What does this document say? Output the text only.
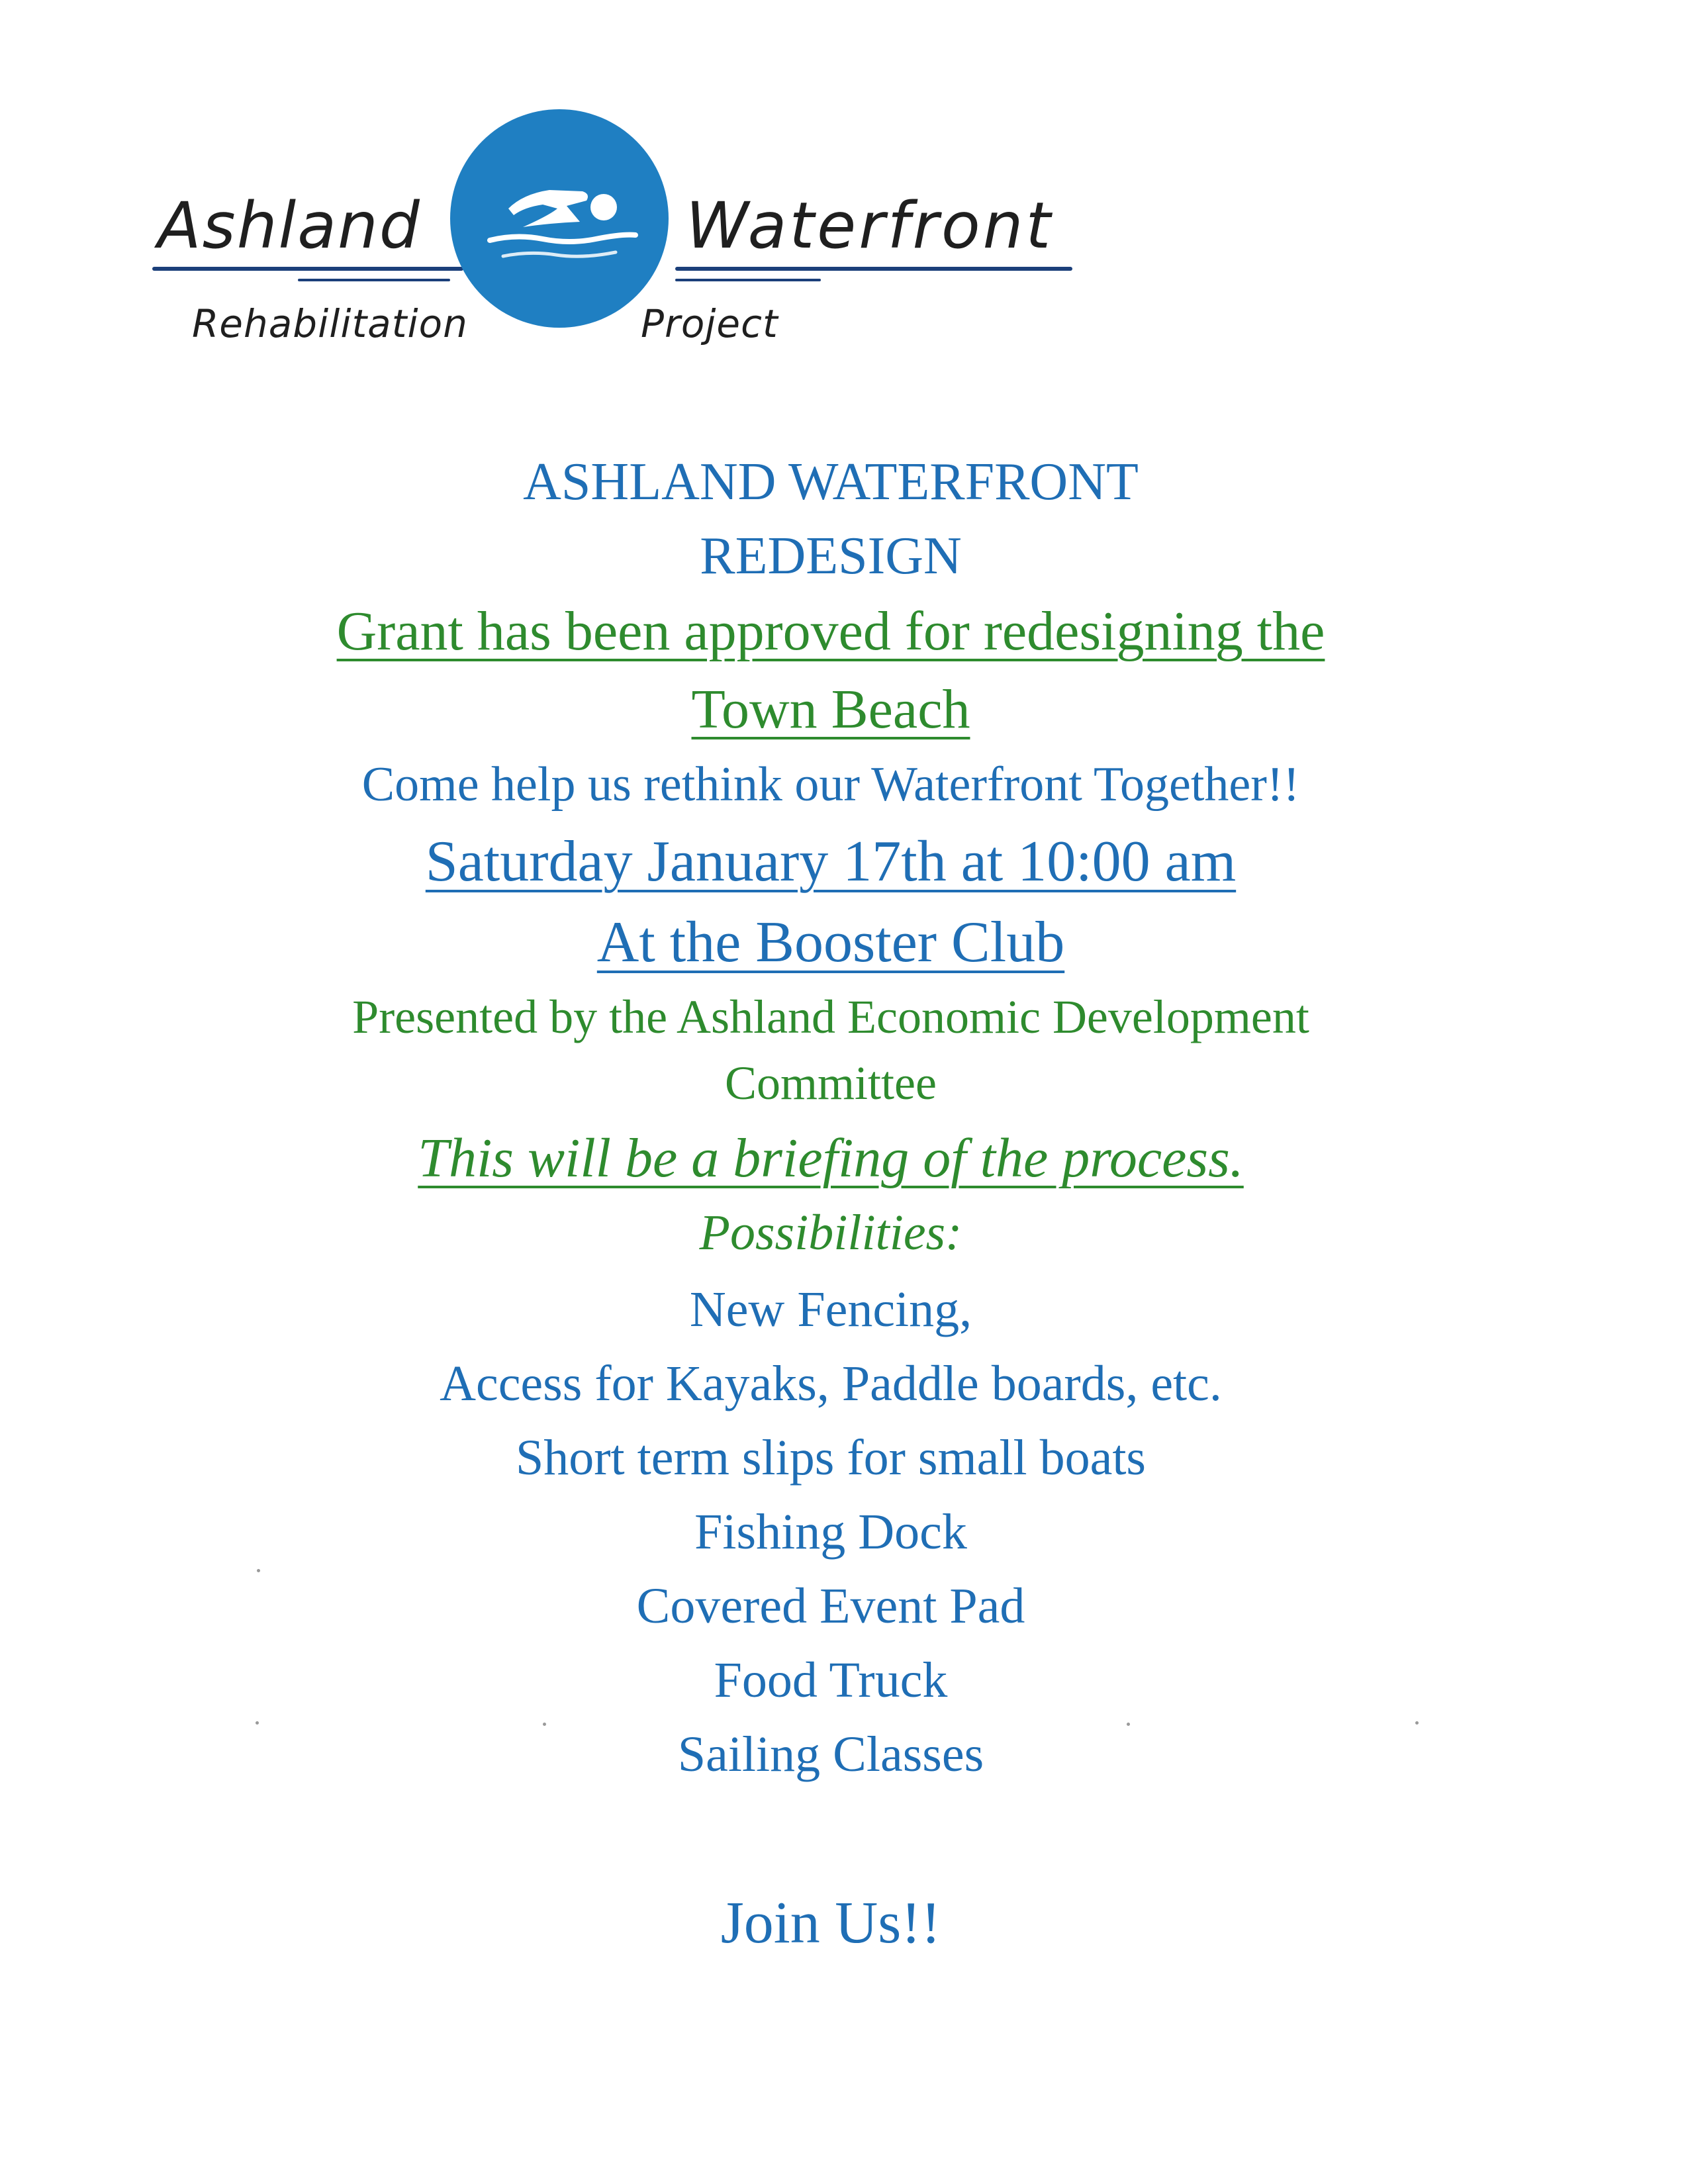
Ashland	Waterfront
Rehabilitation	Project
ASHLAND WATERFRONT
REDESIGN
Grant has been approved for redesigning the
Town Beach
Come help us rethink our Waterfront Together!!
Saturday January 17th at 10:00 am
At the Booster Club
Presented by the Ashland Economic Development
Committee
This will be a briefing of the process.
Possibilities:
New Fencing,
Access for Kayaks, Paddle boards, etc.
Short term slips for small boats
Fishing Dock
Covered Event Pad
Food Truck
Sailing Classes
Join Us!!
